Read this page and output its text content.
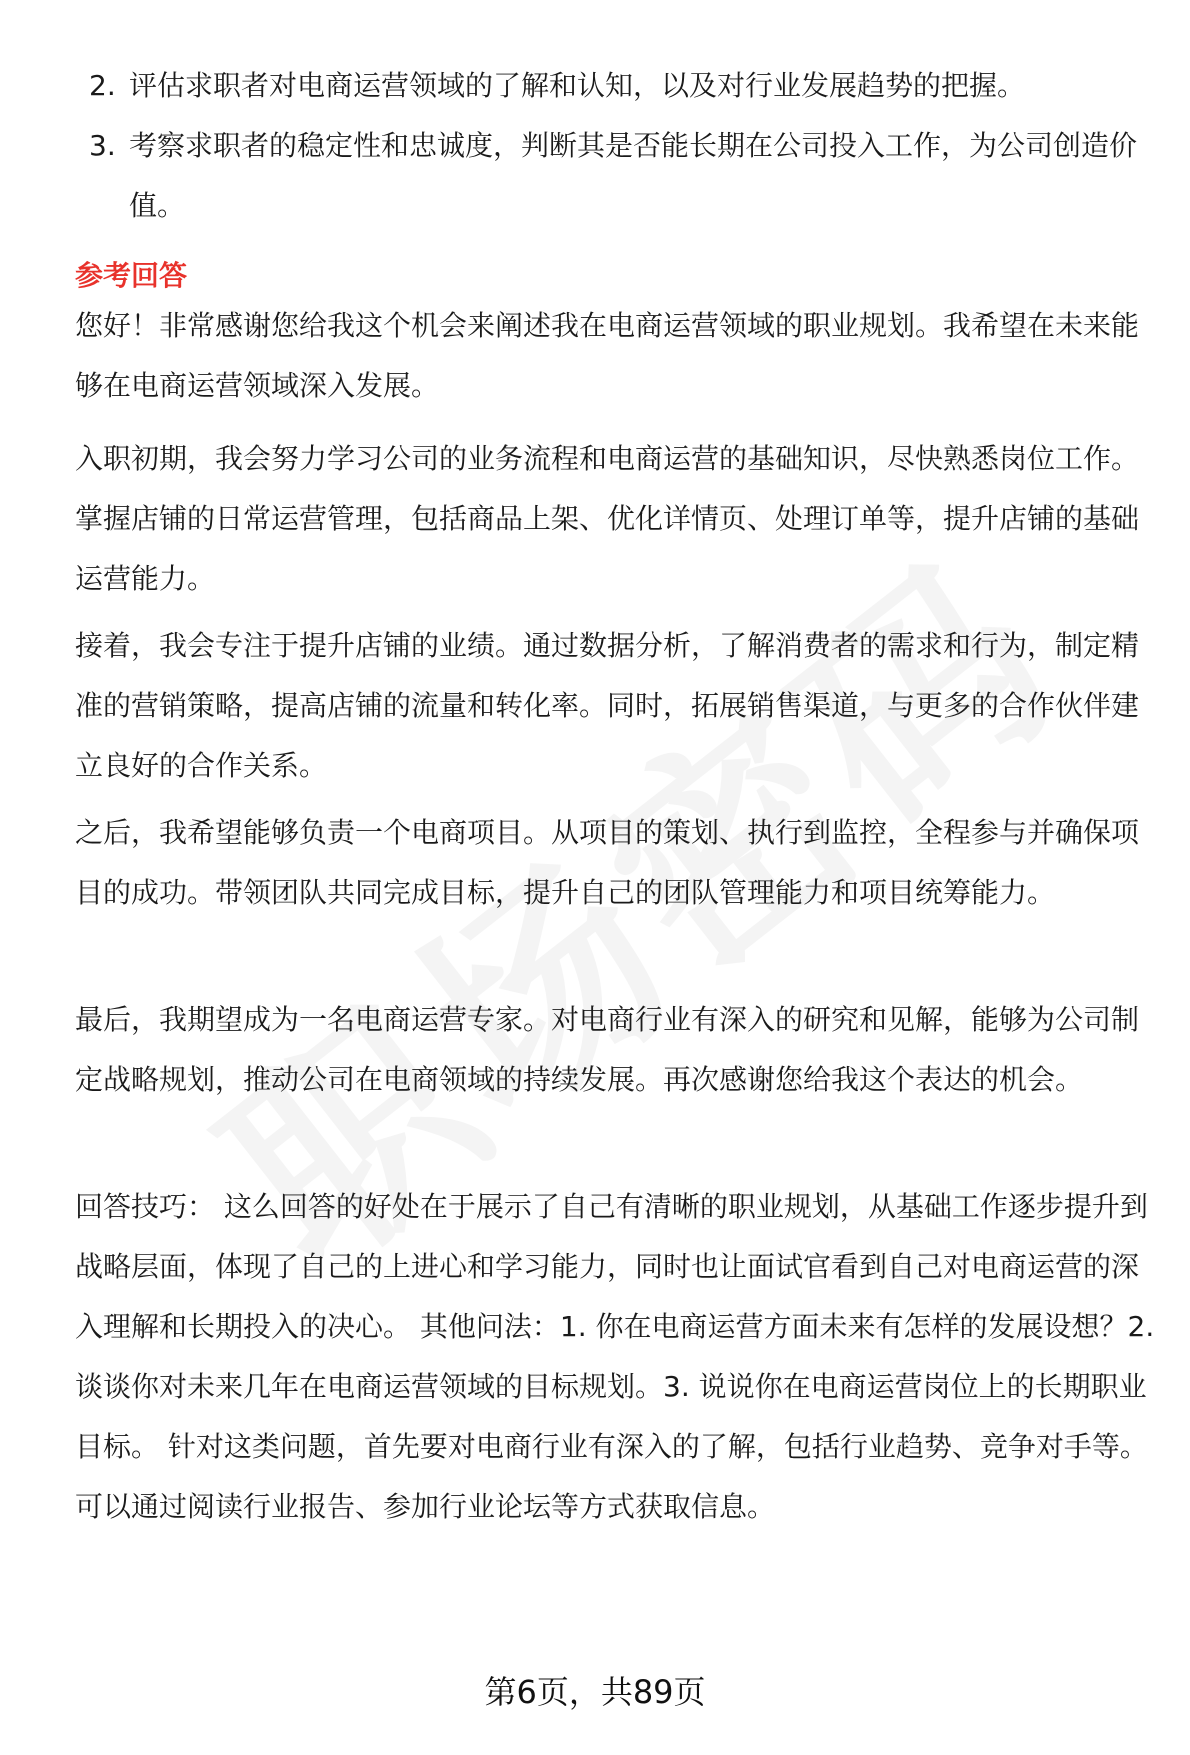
2. 评估求职者对电商运营领域的了解和认知，以及对行业发展趋势的把握。
3. 考察求职者的稳定性和忠诚度，判断其是否能长期在公司投入工作，为公司创造价值。
参考回答

您好！非常感谢您给我这个机会来阐述我在电商运营领域的职业规划。我希望在未来能够在电商运营领域深入发展。

入职初期，我会努力学习公司的业务流程和电商运营的基础知识，尽快熟悉岗位工作。掌握店铺的日常运营管理，包括商品上架、优化详情页、处理订单等，提升店铺的基础运营能力。

接着，我会专注于提升店铺的业绩。通过数据分析，了解消费者的需求和行为，制定精准的营销策略，提高店铺的流量和转化率。同时，拓展销售渠道，与更多的合作伙伴建立良好的合作关系。

之后，我希望能够负责一个电商项目。从项目的策划、执行到监控，全程参与并确保项目的成功。带领团队共同完成目标，提升自己的团队管理能力和项目统筹能力。

最后，我期望成为一名电商运营专家。对电商行业有深入的研究和见解，能够为公司制定战略规划，推动公司在电商领域的持续发展。再次感谢您给我这个表达的机会。

回答技巧： 这么回答的好处在于展示了自己有清晰的职业规划，从基础工作逐步提升到战略层面，体现了自己的上进心和学习能力，同时也让面试官看到自己对电商运营的深入理解和长期投入的决心。 其他问法：1. 你在电商运营方面未来有怎样的发展设想？2. 谈谈你对未来几年在电商运营领域的目标规划。3. 说说你在电商运营岗位上的长期职业目标。 针对这类问题，首先要对电商行业有深入的了解，包括行业趋势、竞争对手等。可以通过阅读行业报告、参加行业论坛等方式获取信息。

第6页，共89页
